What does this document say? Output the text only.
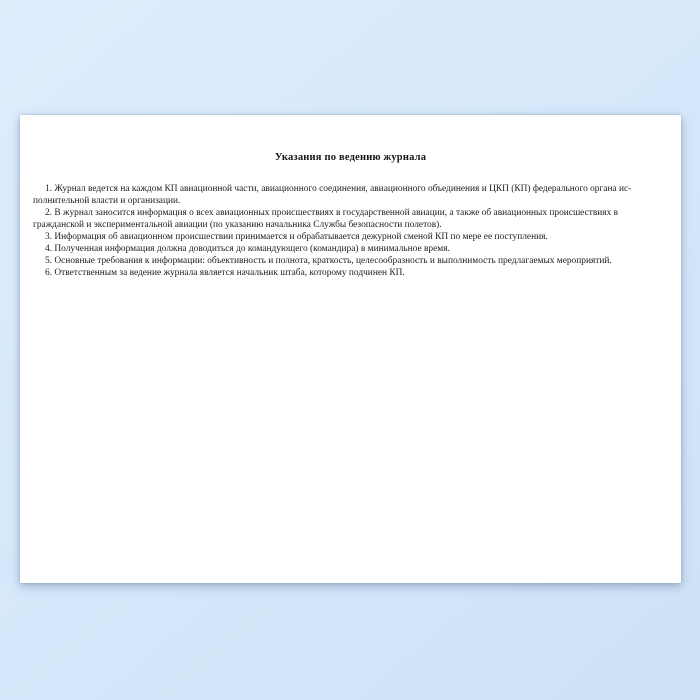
Указания по ведению журнала

1. Журнал ведется на каждом КП авиационной части, авиационного соединения, авиационного объединения и ЦКП (КП) федерального органа ис-
полнительной власти и организации.

2. В журнал заносится информация о всех авиационных происшествиях в государственной авиации, а также об авиационных происшествиях в
гражданской и экспериментальной авиации (по указанию начальника Службы безопасности полетов).

3. Информация об авиационном происшествии принимается и обрабатывается дежурной сменой КП по мере ее поступления.

4. Полученная информация должна доводиться до командующего (командира) в минимальное время.

5. Основные требования к информации: объективность и полнота, краткость, целесообразность и выполнимость предлагаемых мероприятий.

6. Ответственным за ведение журнала является начальник штаба, которому подчинен КП.
